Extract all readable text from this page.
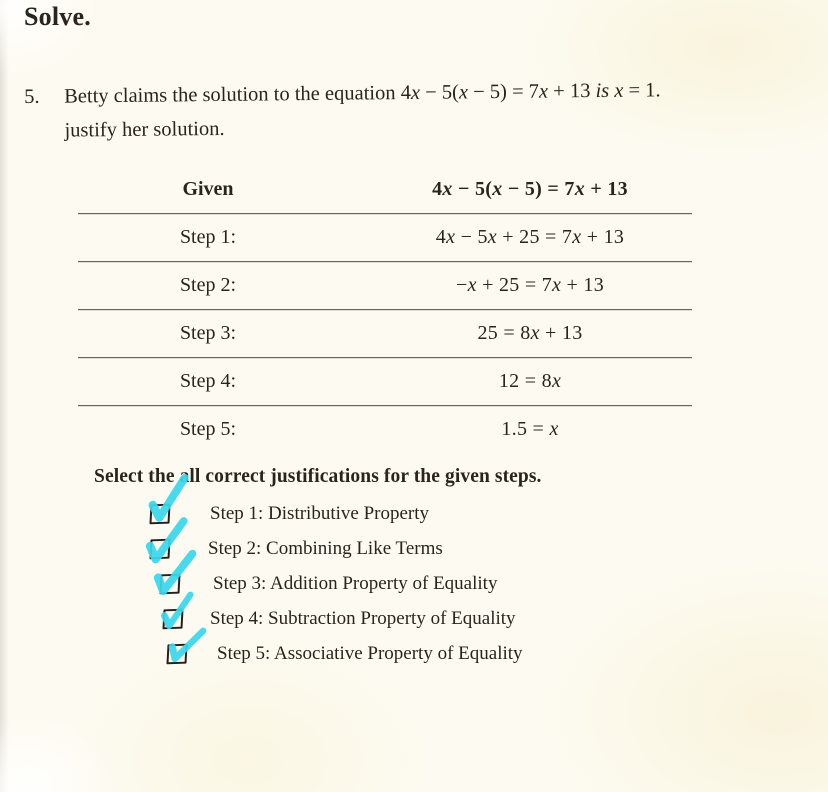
Solve.
5.	Betty claims the solution to the equation 4x − 5(x − 5) = 7x + 13 is x = 1.
justify her solution.
Given	4x − 5(x − 5) = 7x + 13
Step 1:	4x − 5x + 25 = 7x + 13
Step 2:	−x + 25 = 7x + 13
Step 3:	25 = 8x + 13
Step 4:	12 = 8x
Step 5:	1.5 = x
Select the all correct justifications for the given steps.
Step 1: Distributive Property
Step 2: Combining Like Terms
Step 3: Addition Property of Equality
Step 4: Subtraction Property of Equality
Step 5: Associative Property of Equality
